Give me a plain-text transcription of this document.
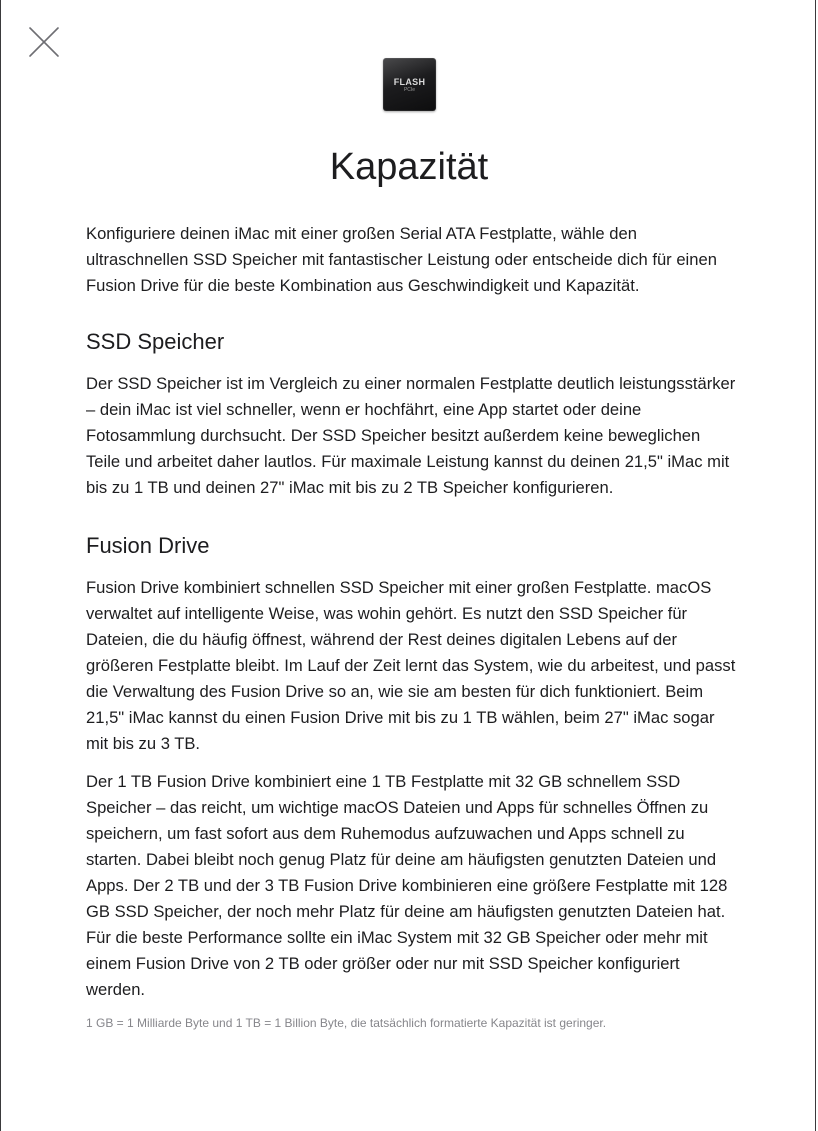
FLASH
PCIe
Kapazität

Konfiguriere deinen iMac mit einer großen Serial ATA Festplatte, wähle den ultraschnellen SSD Speicher mit fantastischer Leistung oder entscheide dich für einen Fusion Drive für die beste Kombination aus Geschwindigkeit und Kapazität.

SSD Speicher

Der SSD Speicher ist im Vergleich zu einer normalen Festplatte deutlich leistungsstärker – dein iMac ist viel schneller, wenn er hochfährt, eine App startet oder deine Fotosammlung durchsucht. Der SSD Speicher besitzt außerdem keine beweglichen Teile und arbeitet daher lautlos. Für maximale Leistung kannst du deinen 21,5" iMac mit bis zu 1 TB und deinen 27" iMac mit bis zu 2 TB Speicher konfigurieren.

Fusion Drive

Fusion Drive kombiniert schnellen SSD Speicher mit einer großen Festplatte. macOS verwaltet auf intelligente Weise, was wohin gehört. Es nutzt den SSD Speicher für Dateien, die du häufig öffnest, während der Rest deines digitalen Lebens auf der größeren Festplatte bleibt. Im Lauf der Zeit lernt das System, wie du arbeitest, und passt die Verwaltung des Fusion Drive so an, wie sie am besten für dich funktioniert. Beim 21,5" iMac kannst du einen Fusion Drive mit bis zu 1 TB wählen, beim 27" iMac sogar mit bis zu 3 TB.

Der 1 TB Fusion Drive kombiniert eine 1 TB Festplatte mit 32 GB schnellem SSD Speicher – das reicht, um wichtige macOS Dateien und Apps für schnelles Öffnen zu speichern, um fast sofort aus dem Ruhemodus aufzuwachen und Apps schnell zu starten. Dabei bleibt noch genug Platz für deine am häufigsten genutzten Dateien und Apps. Der 2 TB und der 3 TB Fusion Drive kombinieren eine größere Festplatte mit 128 GB SSD Speicher, der noch mehr Platz für deine am häufigsten genutzten Dateien hat. Für die beste Performance sollte ein iMac System mit 32 GB Speicher oder mehr mit einem Fusion Drive von 2 TB oder größer oder nur mit SSD Speicher konfiguriert werden.

1 GB = 1 Milliarde Byte und 1 TB = 1 Billion Byte, die tatsächlich formatierte Kapazität ist geringer.
